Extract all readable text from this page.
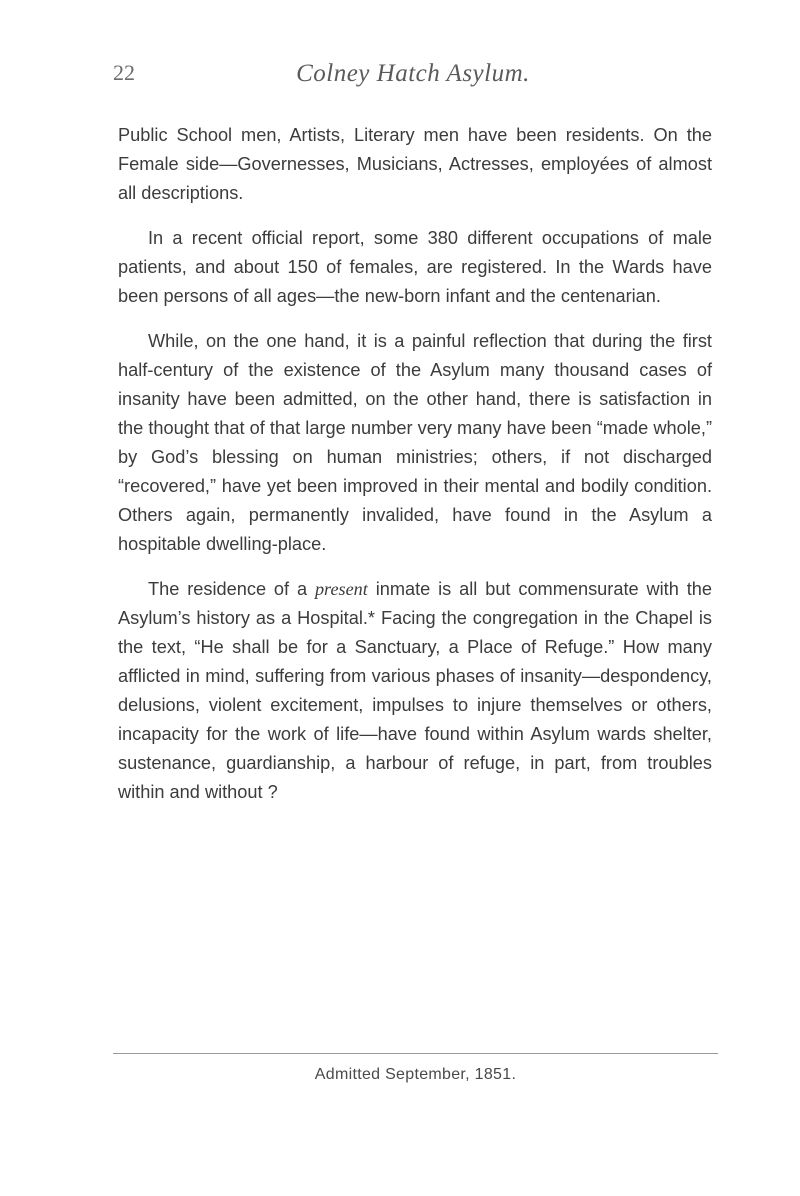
22	Colney Hatch Asylum.

Public School men, Artists, Literary men have been residents. On the Female side—Governesses, Musicians, Actresses, employées of almost all descriptions.

In a recent official report, some 380 different occupations of male patients, and about 150 of females, are registered. In the Wards have been persons of all ages—the new-born infant and the centenarian.

While, on the one hand, it is a painful reflection that during the first half-century of the existence of the Asylum many thousand cases of insanity have been admitted, on the other hand, there is satisfaction in the thought that of that large number very many have been “made whole,” by God’s blessing on human ministries; others, if not discharged “recovered,” have yet been improved in their mental and bodily condition. Others again, permanently invalided, have found in the Asylum a hospitable dwelling-place.

The residence of a present inmate is all but commensurate with the Asylum’s history as a Hospital.* Facing the congregation in the Chapel is the text, “He shall be for a Sanctuary, a Place of Refuge.” How many afflicted in mind, suffering from various phases of insanity—despondency, delusions, violent excitement, impulses to injure themselves or others, incapacity for the work of life—have found within Asylum wards shelter, sustenance, guardianship, a harbour of refuge, in part, from troubles within and without ?

Admitted September, 1851.
